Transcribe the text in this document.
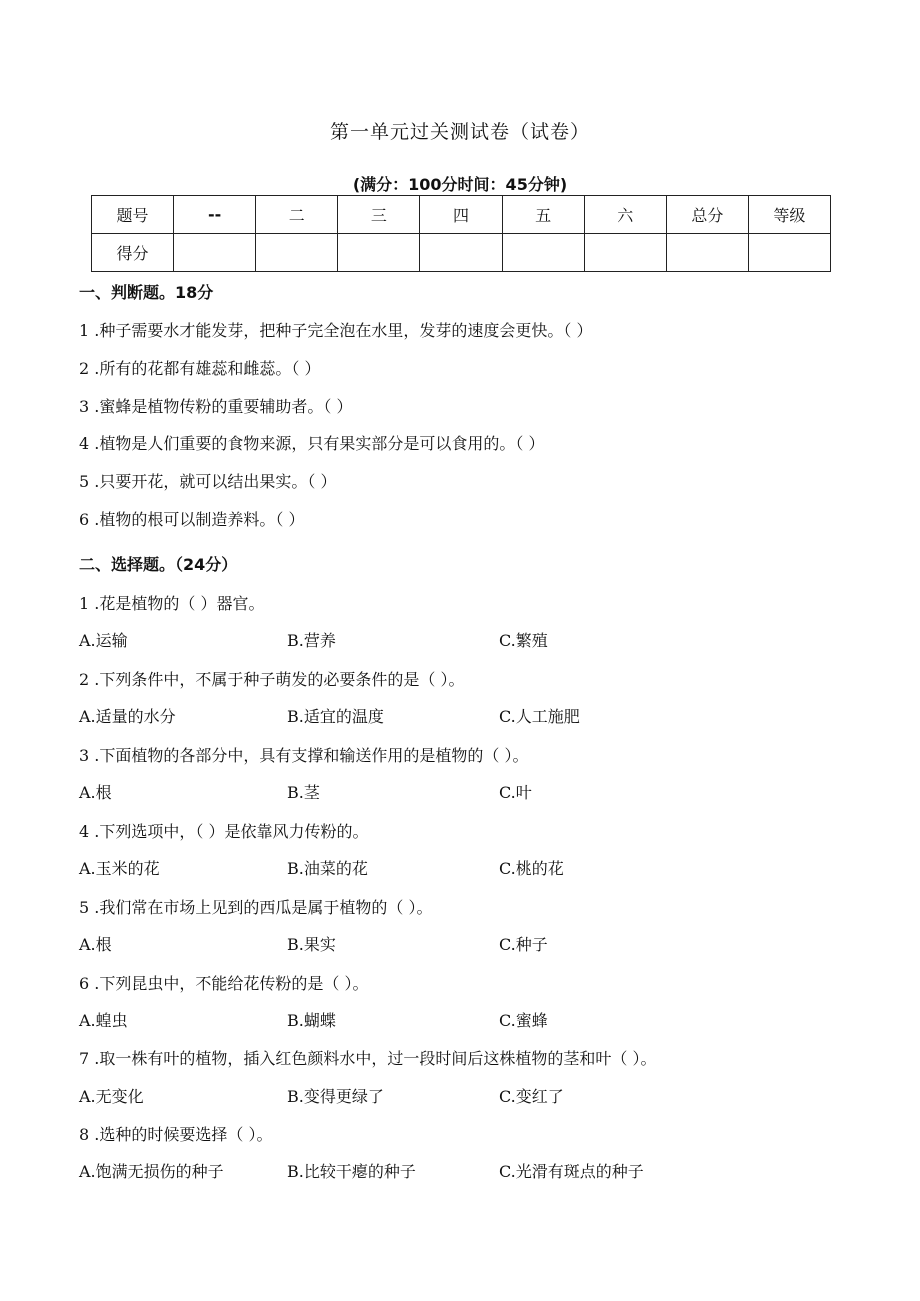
第一单元过关测试卷（试卷）
(满分：100分时间：45分钟)
题号	--	二	三	四	五	六	总分	等级
得分								
一、判断题。18分
1 .种子需要水才能发芽，把种子完全泡在水里，发芽的速度会更快。（ ）
2 .所有的花都有雄蕊和雌蕊。（ ）
3 .蜜蜂是植物传粉的重要辅助者。（ ）
4 .植物是人们重要的食物来源，只有果实部分是可以食用的。（ ）
5 .只要开花，就可以结出果实。（ ）
6 .植物的根可以制造养料。（ ）
二、选择题。（24分）
1 .花是植物的（ ）器官。
A.运输	B.营养	C.繁殖
2 .下列条件中，不属于种子萌发的必要条件的是（ ）。
A.适量的水分	B.适宜的温度	C.人工施肥
3 .下面植物的各部分中，具有支撑和输送作用的是植物的（ ）。
A.根	B.茎	C.叶
4 .下列选项中，（ ）是依靠风力传粉的。
A.玉米的花	B.油菜的花	C.桃的花
5 .我们常在市场上见到的西瓜是属于植物的（ ）。
A.根	B.果实	C.种子
6 .下列昆虫中，不能给花传粉的是（ ）。
A.蝗虫	B.蝴蝶	C.蜜蜂
7 .取一株有叶的植物，插入红色颜料水中，过一段时间后这株植物的茎和叶（ ）。
A.无变化	B.变得更绿了	C.变红了
8 .选种的时候要选择（ ）。
A.饱满无损伤的种子	B.比较干瘪的种子	C.光滑有斑点的种子
